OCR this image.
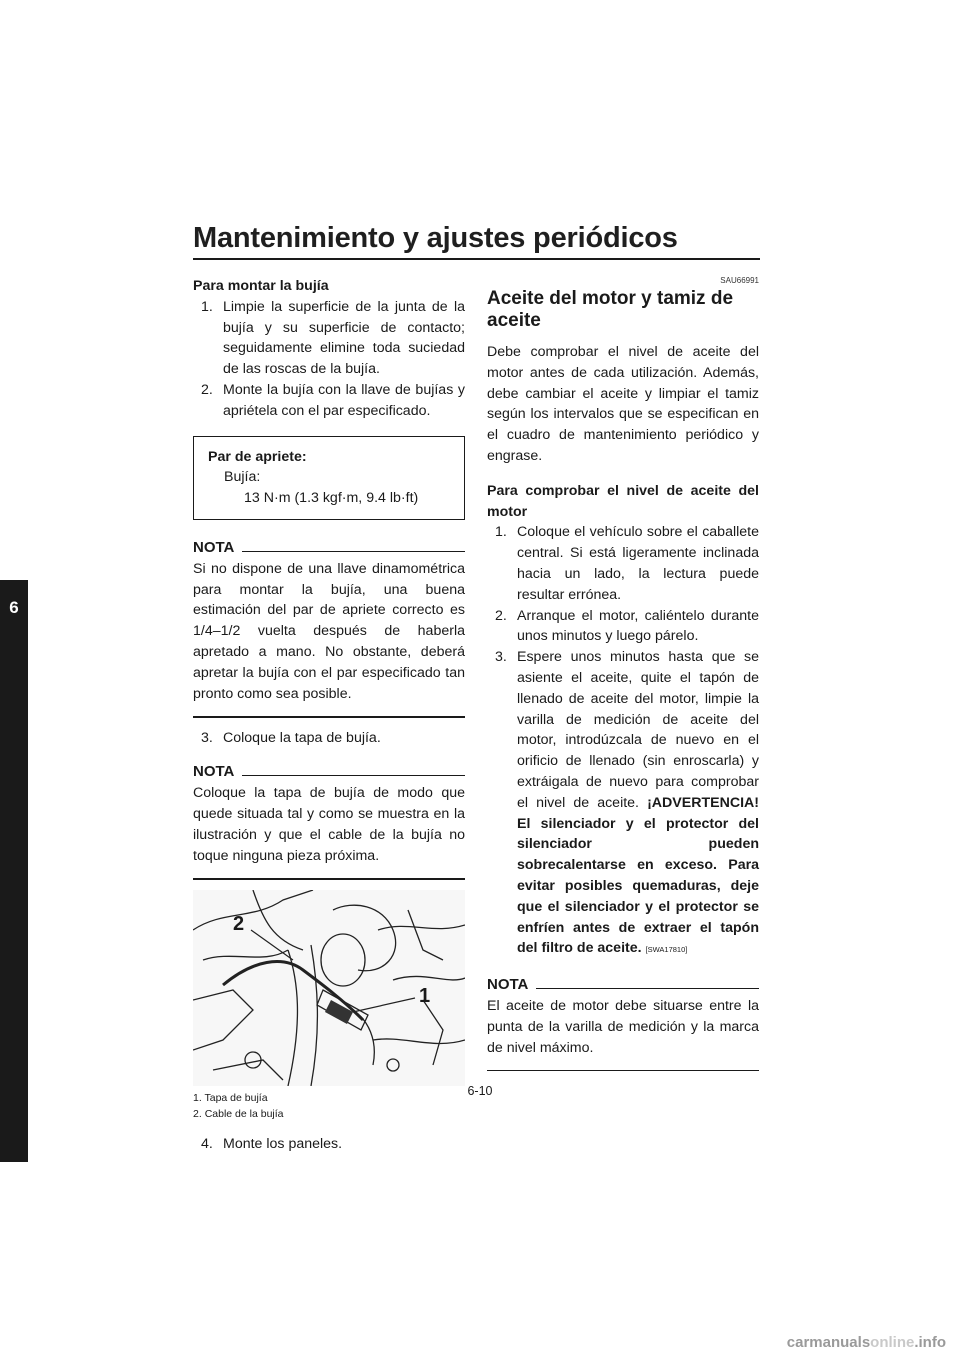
Mantenimiento y ajustes periódicos
6
Para montar la bujía
1. Limpie la superficie de la junta de la bujía y su superficie de contacto; seguidamente elimine toda suciedad de las roscas de la bujía.
2. Monte la bujía con la llave de bujías y apriételа con el par especificado.
Par de apriete:
Bujía:
13 N·m (1.3 kgf·m, 9.4 lb·ft)
NOTA
Si no dispone de una llave dinamométrica para montar la bujía, una buena estimación del par de apriete correcto es 1/4–1/2 vuelta después de haberla apretado a mano. No obstante, deberá apretar la bujía con el par especificado tan pronto como sea posible.
3. Coloque la tapa de bujía.
NOTA
Coloque la tapa de bujía de modo que quede situada tal y como se muestra en la ilustración y que el cable de la bujía no toque ninguna pieza próxima.
2
1
1. Tapa de bujía
2. Cable de la bujía
4. Monte los paneles.
SAU66991
Aceite del motor y tamiz de aceite
Debe comprobar el nivel de aceite del motor antes de cada utilización. Además, debe cambiar el aceite y limpiar el tamiz según los intervalos que se especifican en el cuadro de mantenimiento periódico y engrase.
Para comprobar el nivel de aceite del motor
1. Coloque el vehículo sobre el caballete central. Si está ligeramente inclinada hacia un lado, la lectura puede resultar errónea.
2. Arranque el motor, caliéntelo durante unos minutos y luego párelo.
3. Espere unos minutos hasta que se asiente el aceite, quite el tapón de llenado de aceite del motor, limpie la varilla de medición de aceite del motor, introdúzcala de nuevo en el orificio de llenado (sin enroscarla) y extráigala de nuevo para comprobar el nivel de aceite. ¡ADVERTENCIA! El silenciador y el protector del silenciador pueden sobrecalentarse en exceso. Para evitar posibles quemaduras, deje que el silenciador y el protector se enfríen antes de extraer el tapón del filtro de aceite. [SWA17810]
NOTA
El aceite de motor debe situarse entre la punta de la varilla de medición y la marca de nivel máximo.
6-10
carmanualsonline.info
